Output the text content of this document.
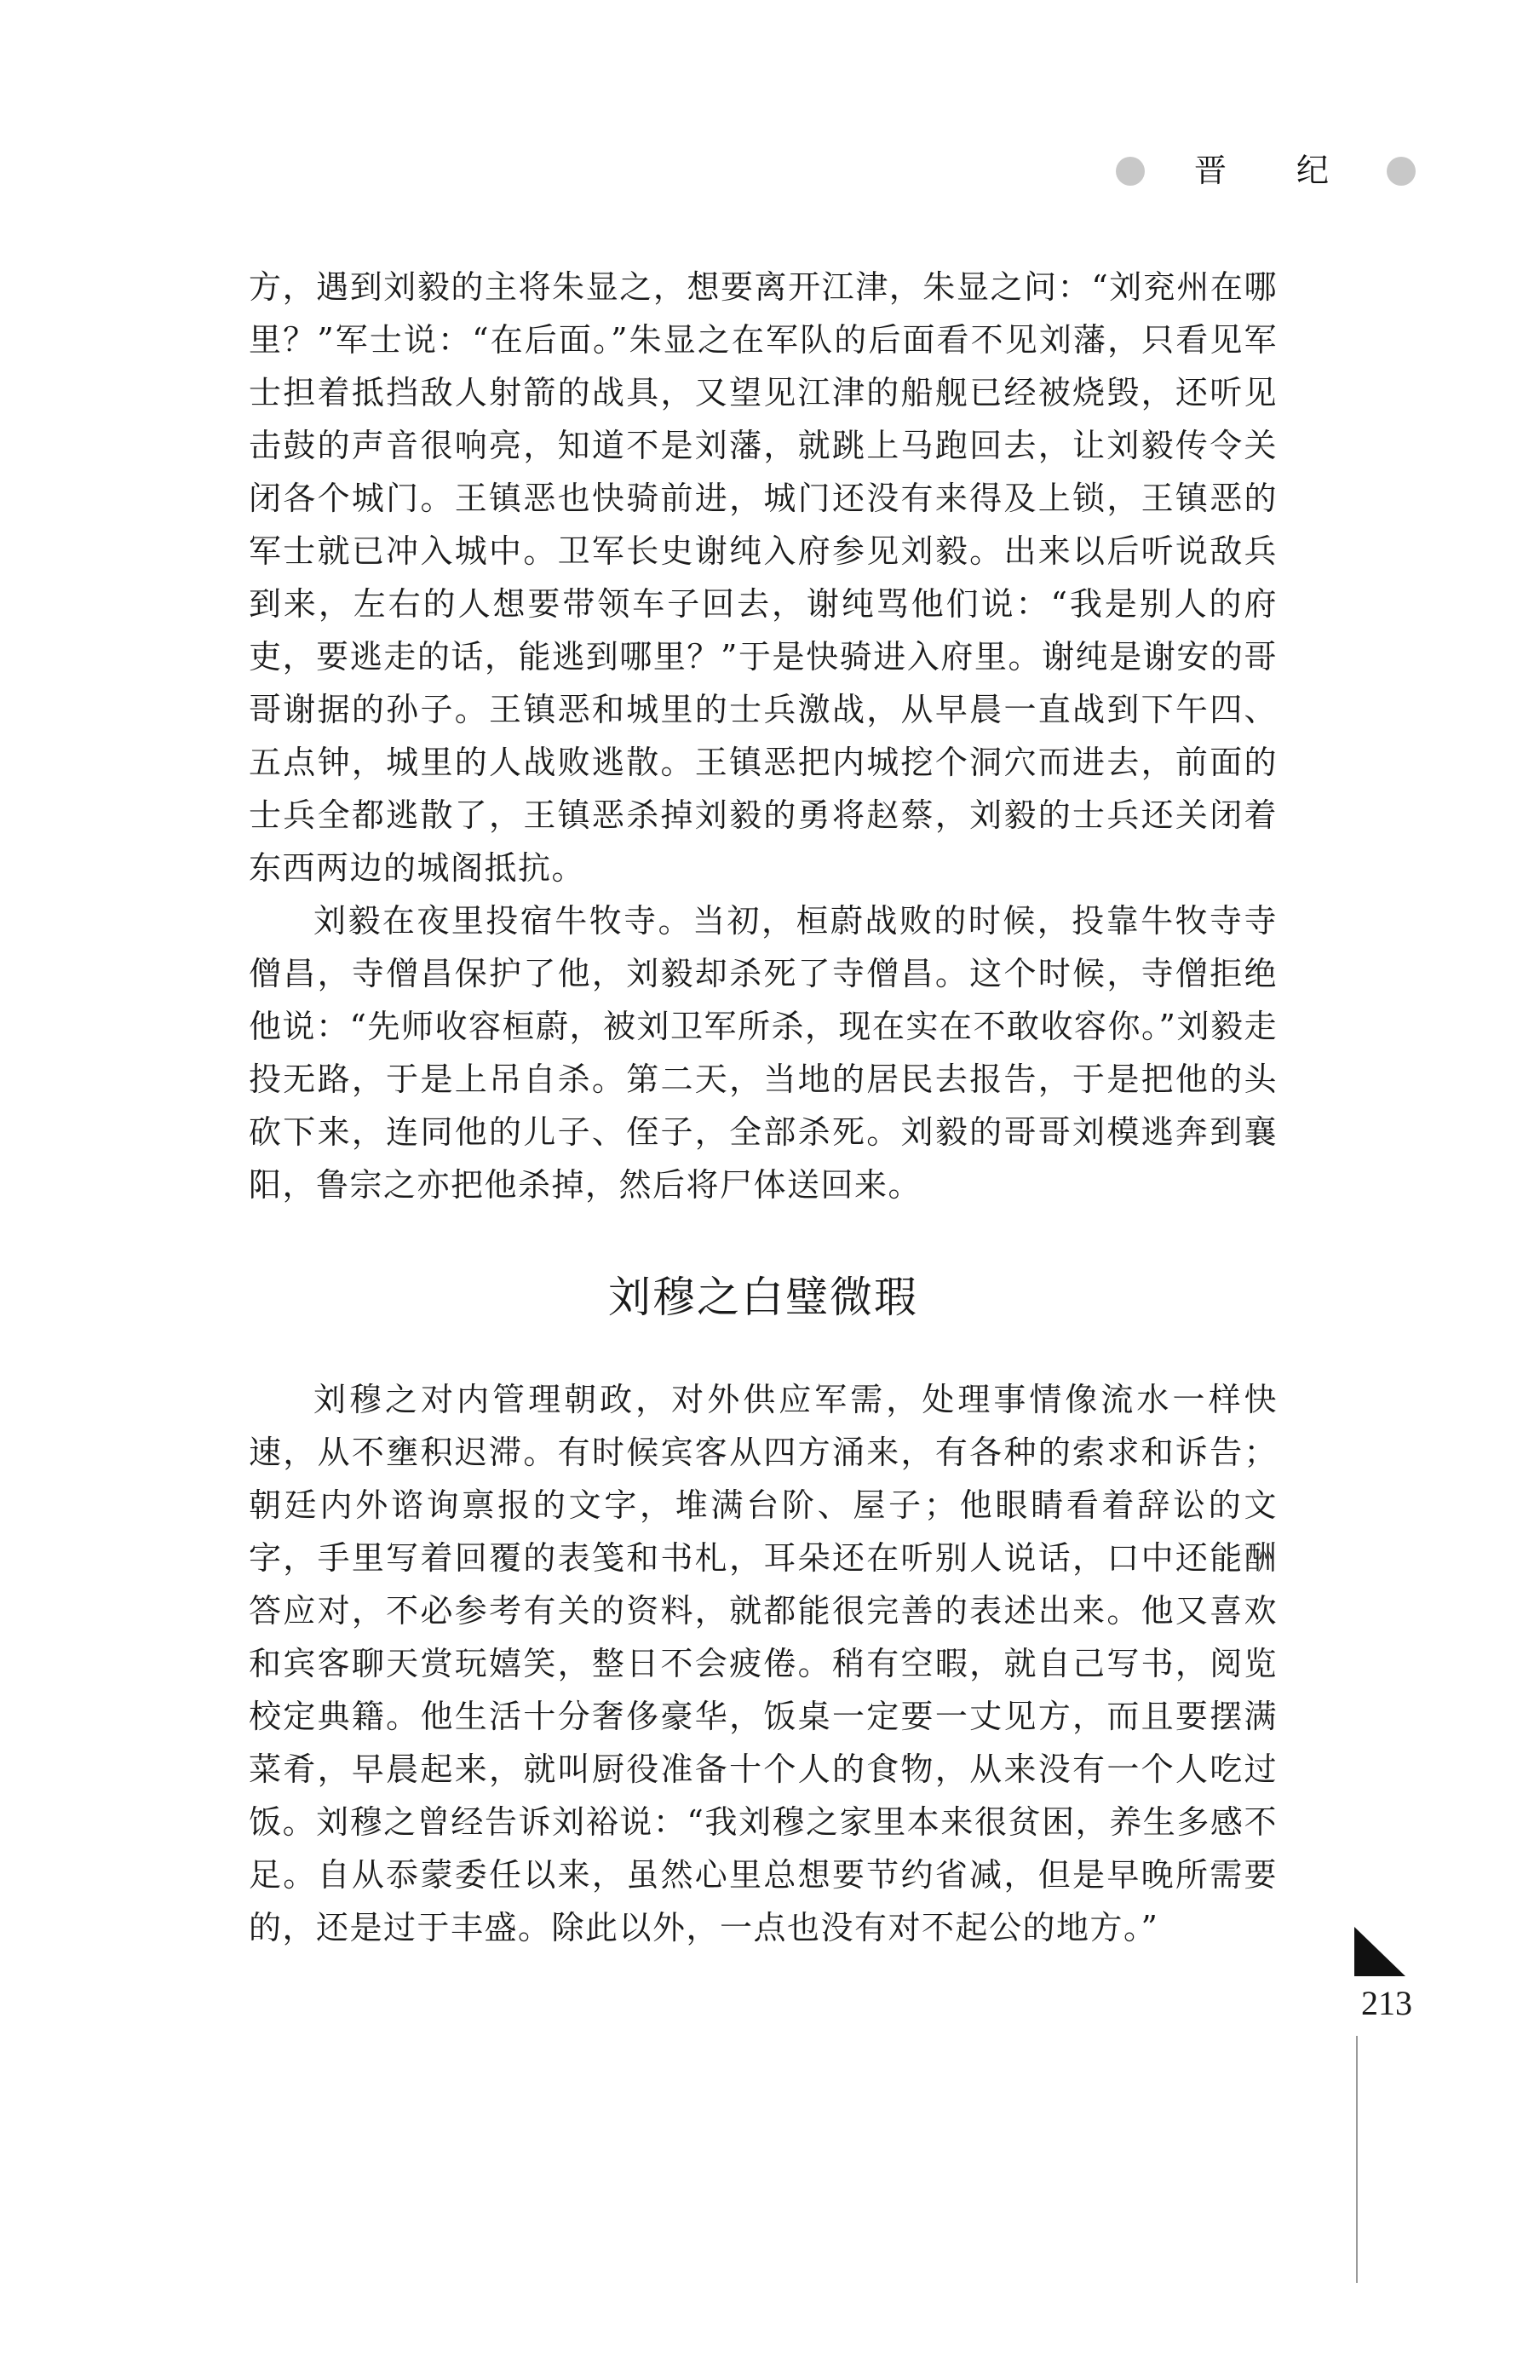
晋 纪

方，遇到刘毅的主将朱显之，想要离开江津，朱显之问：“刘兖州在哪里？”军士说：“在后面。”朱显之在军队的后面看不见刘藩，只看见军士担着抵挡敌人射箭的战具，又望见江津的船舰已经被烧毁，还听见击鼓的声音很响亮，知道不是刘藩，就跳上马跑回去，让刘毅传令关闭各个城门。王镇恶也快骑前进，城门还没有来得及上锁，王镇恶的军士就已冲入城中。卫军长史谢纯入府参见刘毅。出来以后听说敌兵到来，左右的人想要带领车子回去，谢纯骂他们说：“我是别人的府吏，要逃走的话，能逃到哪里？”于是快骑进入府里。谢纯是谢安的哥哥谢据的孙子。王镇恶和城里的士兵激战，从早晨一直战到下午四、五点钟，城里的人战败逃散。王镇恶把内城挖个洞穴而进去，前面的士兵全都逃散了，王镇恶杀掉刘毅的勇将赵蔡，刘毅的士兵还关闭着东西两边的城阁抵抗。

刘毅在夜里投宿牛牧寺。当初，桓蔚战败的时候，投靠牛牧寺寺僧昌，寺僧昌保护了他，刘毅却杀死了寺僧昌。这个时候，寺僧拒绝他说：“先师收容桓蔚，被刘卫军所杀，现在实在不敢收容你。”刘毅走投无路，于是上吊自杀。第二天，当地的居民去报告，于是把他的头砍下来，连同他的儿子、侄子，全部杀死。刘毅的哥哥刘模逃奔到襄阳，鲁宗之亦把他杀掉，然后将尸体送回来。

刘穆之白璧微瑕

刘穆之对内管理朝政，对外供应军需，处理事情像流水一样快速，从不壅积迟滞。有时候宾客从四方涌来，有各种的索求和诉告；朝廷内外谘询禀报的文字，堆满台阶、屋子；他眼睛看着辞讼的文字，手里写着回覆的表笺和书札，耳朵还在听别人说话，口中还能酬答应对，不必参考有关的资料，就都能很完善的表述出来。他又喜欢和宾客聊天赏玩嬉笑，整日不会疲倦。稍有空暇，就自己写书，阅览校定典籍。他生活十分奢侈豪华，饭桌一定要一丈见方，而且要摆满菜肴，早晨起来，就叫厨役准备十个人的食物，从来没有一个人吃过饭。刘穆之曾经告诉刘裕说：“我刘穆之家里本来很贫困，养生多感不足。自从忝蒙委任以来，虽然心里总想要节约省减，但是早晚所需要的，还是过于丰盛。除此以外，一点也没有对不起公的地方。”

213
